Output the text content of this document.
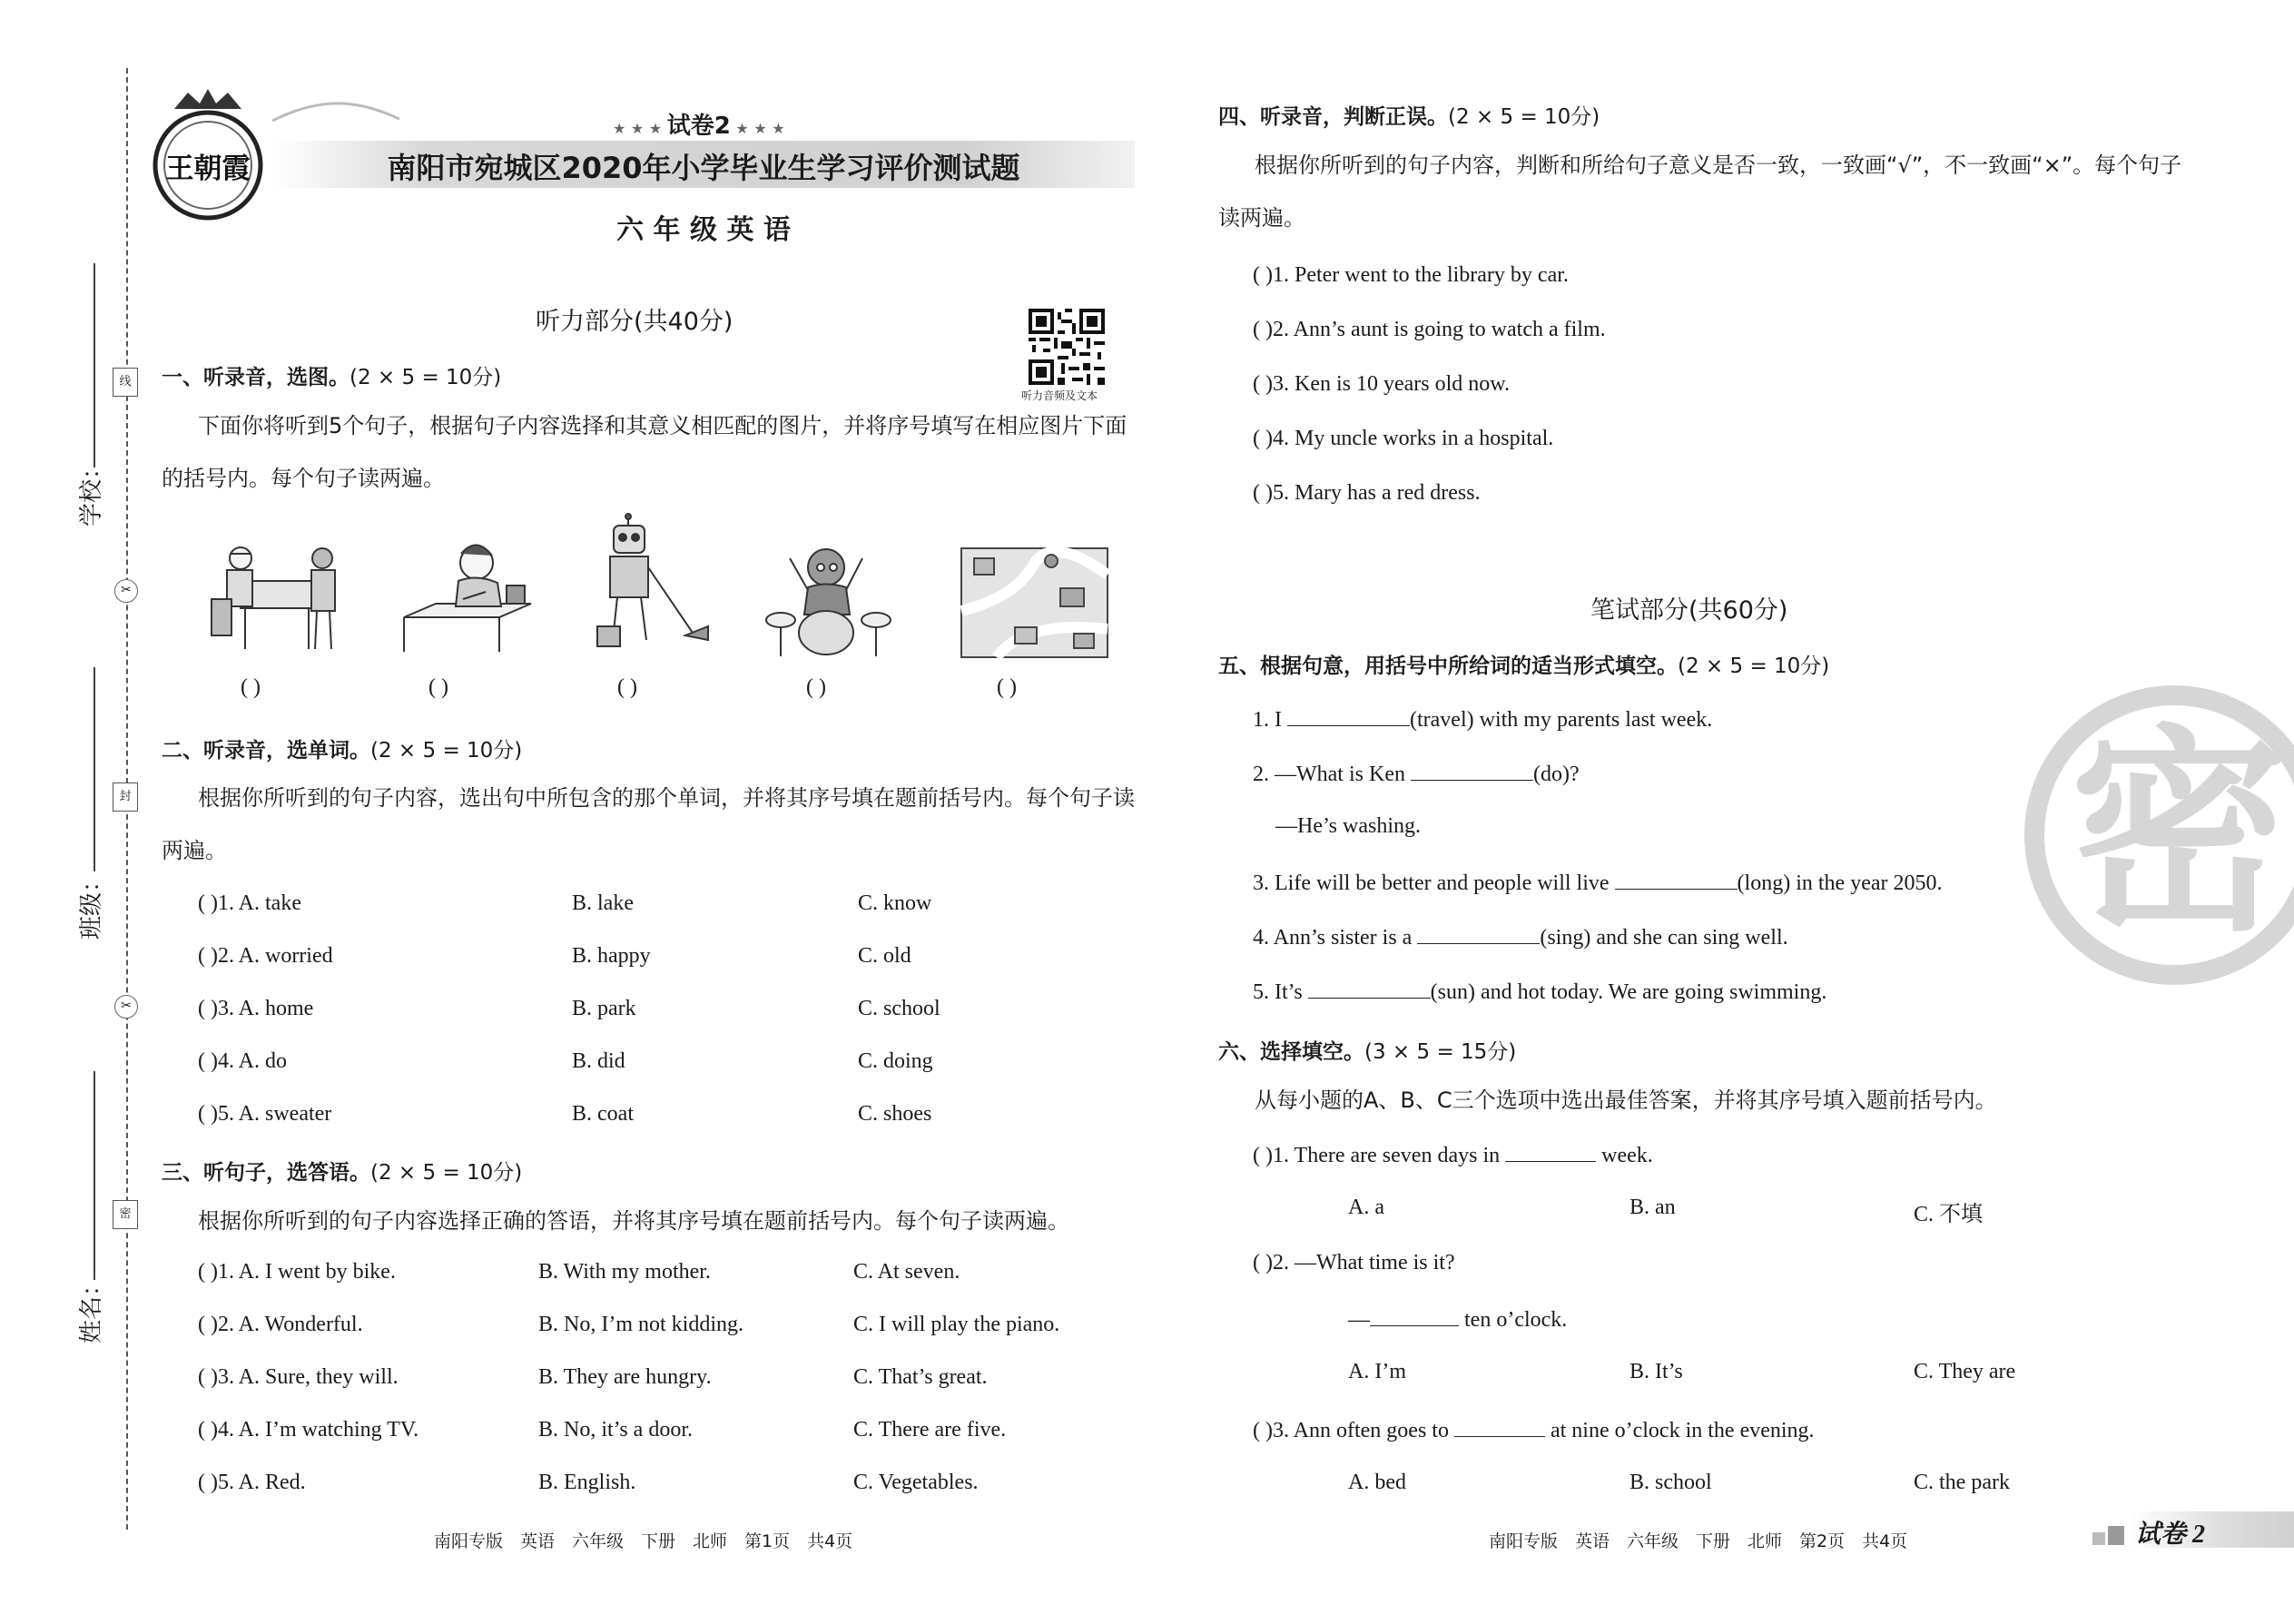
学校：
班级：
姓名：
线
封
密
✂
✂
王朝霞
★ ★ ★ 试卷2 ★ ★ ★
南阳市宛城区2020年小学毕业生学习评价测试题
六 年 级 英 语
听力音频及文本
听力部分(共40分)
一、听录音，选图。(2 × 5 = 10分)
下面你将听到5个句子，根据句子内容选择和其意义相匹配的图片，并将序号填写在相应图片下面的括号内。每个句子读两遍。
( )	( )	( )	( )	( )
二、听录音，选单词。(2 × 5 = 10分)
根据你所听到的句子内容，选出句中所包含的那个单词，并将其序号填在题前括号内。每个句子读两遍。
( )1. A. take	B. lake	C. know
( )2. A. worried	B. happy	C. old
( )3. A. home	B. park	C. school
( )4. A. do	B. did	C. doing
( )5. A. sweater	B. coat	C. shoes
三、听句子，选答语。(2 × 5 = 10分)
根据你所听到的句子内容选择正确的答语，并将其序号填在题前括号内。每个句子读两遍。
( )1. A. I went by bike.	B. With my mother.	C. At seven.
( )2. A. Wonderful.	B. No, I’m not kidding.	C. I will play the piano.
( )3. A. Sure, they will.	B. They are hungry.	C. That’s great.
( )4. A. I’m watching TV.	B. No, it’s a door.	C. There are five.
( )5. A. Red.	B. English.	C. Vegetables.
南阳专版　英语　六年级　下册　北师　第1页　共4页
密
四、听录音，判断正误。(2 × 5 = 10分)
根据你所听到的句子内容，判断和所给句子意义是否一致，一致画“√”，不一致画“×”。每个句子读两遍。
( )1. Peter went to the library by car.
( )2. Ann’s aunt is going to watch a film.
( )3. Ken is 10 years old now.
( )4. My uncle works in a hospital.
( )5. Mary has a red dress.
笔试部分(共60分)
五、根据句意，用括号中所给词的适当形式填空。(2 × 5 = 10分)
1. I	(travel) with my parents last week.
2. —What is Ken	(do)?
—He’s washing.
3. Life will be better and people will live	(long) in the year 2050.
4. Ann’s sister is a	(sing) and she can sing well.
5. It’s	(sun) and hot today. We are going swimming.
六、选择填空。(3 × 5 = 15分)
从每小题的A、B、C三个选项中选出最佳答案，并将其序号填入题前括号内。
( )1. There are seven days in	week.
A. a	B. an	C. 不填
( )2. —What time is it?
—	ten o’clock.
A. I’m	B. It’s	C. They are
( )3. Ann often goes to	at nine o’clock in the evening.
A. bed	B. school	C. the park
南阳专版　英语　六年级　下册　北师　第2页　共4页	试卷 2
